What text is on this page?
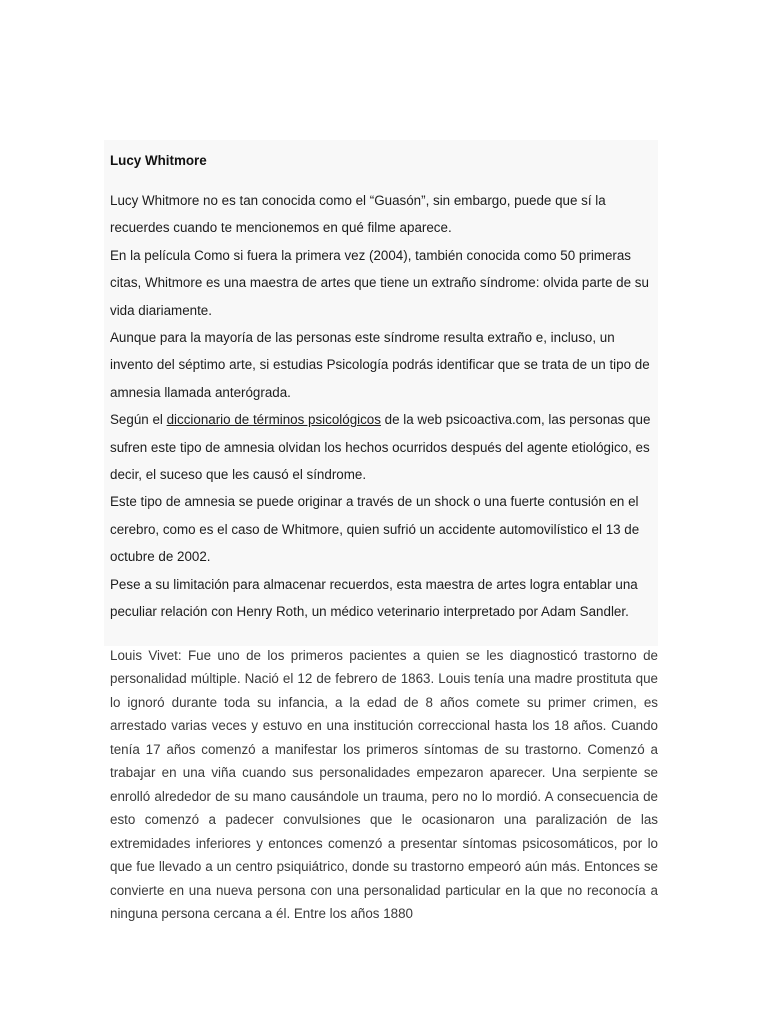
Lucy Whitmore

Lucy Whitmore no es tan conocida como el “Guasón”, sin embargo, puede que sí la recuerdes cuando te mencionemos en qué filme aparece.

En la película Como si fuera la primera vez (2004), también conocida como 50 primeras citas, Whitmore es una maestra de artes que tiene un extraño síndrome: olvida parte de su vida diariamente.

Aunque para la mayoría de las personas este síndrome resulta extraño e, incluso, un invento del séptimo arte, si estudias Psicología podrás identificar que se trata de un tipo de amnesia llamada anterógrada.

Según el diccionario de términos psicológicos de la web psicoactiva.com, las personas que sufren este tipo de amnesia olvidan los hechos ocurridos después del agente etiológico, es decir, el suceso que les causó el síndrome.

Este tipo de amnesia se puede originar a través de un shock o una fuerte contusión en el cerebro, como es el caso de Whitmore, quien sufrió un accidente automovilístico el 13 de octubre de 2002.

Pese a su limitación para almacenar recuerdos, esta maestra de artes logra entablar una peculiar relación con Henry Roth, un médico veterinario interpretado por Adam Sandler.

Louis Vivet: Fue uno de los primeros pacientes a quien se les diagnosticó trastorno de personalidad múltiple. Nació el 12 de febrero de 1863. Louis tenía una madre prostituta que lo ignoró durante toda su infancia, a la edad de 8 años comete su primer crimen, es arrestado varias veces y estuvo en una institución correccional hasta los 18 años. Cuando tenía 17 años comenzó a manifestar los primeros síntomas de su trastorno. Comenzó a trabajar en una viña cuando sus personalidades empezaron aparecer. Una serpiente se enrolló alrededor de su mano causándole un trauma, pero no lo mordió. A consecuencia de esto comenzó a padecer convulsiones que le ocasionaron una paralización de las extremidades inferiores y entonces comenzó a presentar síntomas psicosomáticos, por lo que fue llevado a un centro psiquiátrico, donde su trastorno empeoró aún más. Entonces se convierte en una nueva persona con una personalidad particular en la que no reconocía a ninguna persona cercana a él. Entre los años 1880
